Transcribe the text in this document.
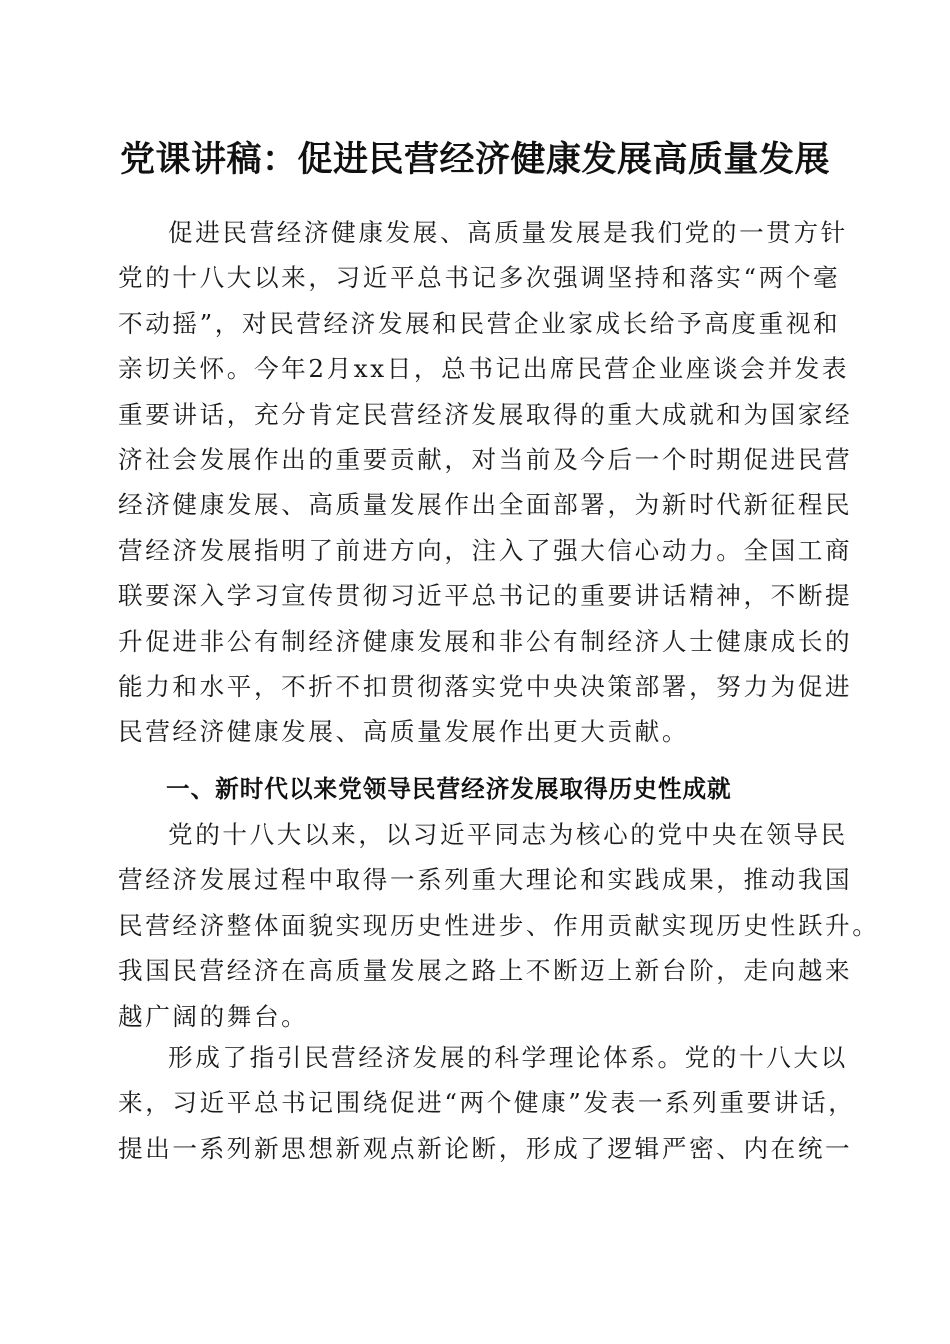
党课讲稿：促进民营经济健康发展高质量发展
促进民营经济健康发展、高质量发展是我们党的一贯方针
党的十八大以来，习近平总书记多次强调坚持和落实“两个毫
不动摇”，对民营经济发展和民营企业家成长给予高度重视和
亲切关怀。今年2月xx日，总书记出席民营企业座谈会并发表
重要讲话，充分肯定民营经济发展取得的重大成就和为国家经
济社会发展作出的重要贡献，对当前及今后一个时期促进民营
经济健康发展、高质量发展作出全面部署，为新时代新征程民
营经济发展指明了前进方向，注入了强大信心动力。全国工商
联要深入学习宣传贯彻习近平总书记的重要讲话精神，不断提
升促进非公有制经济健康发展和非公有制经济人士健康成长的
能力和水平，不折不扣贯彻落实党中央决策部署，努力为促进
民营经济健康发展、高质量发展作出更大贡献。
一、新时代以来党领导民营经济发展取得历史性成就
党的十八大以来，以习近平同志为核心的党中央在领导民
营经济发展过程中取得一系列重大理论和实践成果，推动我国
民营经济整体面貌实现历史性进步、作用贡献实现历史性跃升。
我国民营经济在高质量发展之路上不断迈上新台阶，走向越来
越广阔的舞台。
形成了指引民营经济发展的科学理论体系。党的十八大以
来，习近平总书记围绕促进“两个健康”发表一系列重要讲话，
提出一系列新思想新观点新论断，形成了逻辑严密、内在统一
